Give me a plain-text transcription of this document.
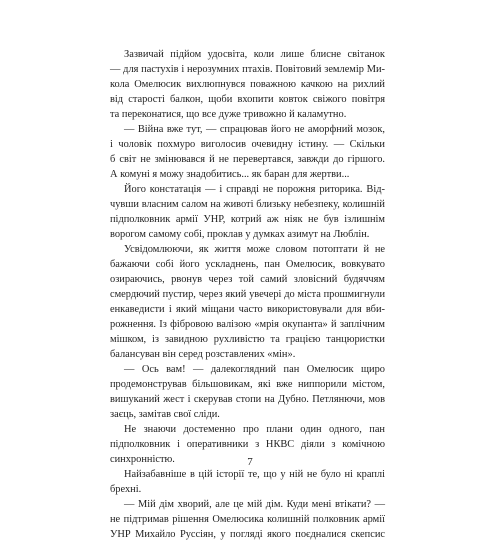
Зазвичай підйом удосвіта, коли лише блисне світанок
— для пастухів і нерозумних птахів. Повітовий землемір Ми-
кола Омелюсик вихлюпнувся поважною качкою на рихлий
від старості балкон, щоби вхопити ковток свіжого повітря
та переконатися, що все дуже тривожно й каламутно.
— Війна вже тут, — спрацював його не аморфний мозок,
і чоловік похмуро виголосив очевидну істину. — Скільки
б світ не змінювався й не перевертався, завжди до гіршого.
А комуні я можу знадобитись... як баран для жертви...
Його констатація — і справді не порожня риторика. Від-
чувши власним салом на животі близьку небезпеку, колишній
підполковник армії УНР, котрий аж ніяк не був ізлишнім
ворогом самому собі, проклав у думках азимут на Люблін.
Усвідомлюючи, як життя може словом потоптати й не
бажаючи собі його ускладнень, пан Омелюсик, вовкувато
озираючись, рвонув через той самий зловісний будяччям
смердючий пустир, через який увечері до міста прошмигнули
енкаведисти і який міщани часто використовували для вби-
рожнення. Із фібровою валізою «мрія окупанта» й заплічним
мішком, із завидною рухливістю та грацією танцюристки
балансуван він серед розставлених «мін».
— Ось вам! — далекоглядний пан Омелюсик щиро
продемонстрував більшовикам, які вже ниппорили містом,
вишуканий жест і скерував стопи на Дубно. Петлянючи, мов
заєць, замітав свої сліди.
Не знаючи достеменно про плани один одного, пан
підполковник і оперативники з НКВС діяли з комічною
синхронністю.
Найзабавніше в цій історії те, що у ній не було ні краплі
брехні.
— Мій дім хворий, але це мій дім. Куди мені втікати? —
не підтримав рішення Омелюсика колишній полковник армії
УНР Михайло Руссіян, у погляді якого поєдналися скепсис
7
